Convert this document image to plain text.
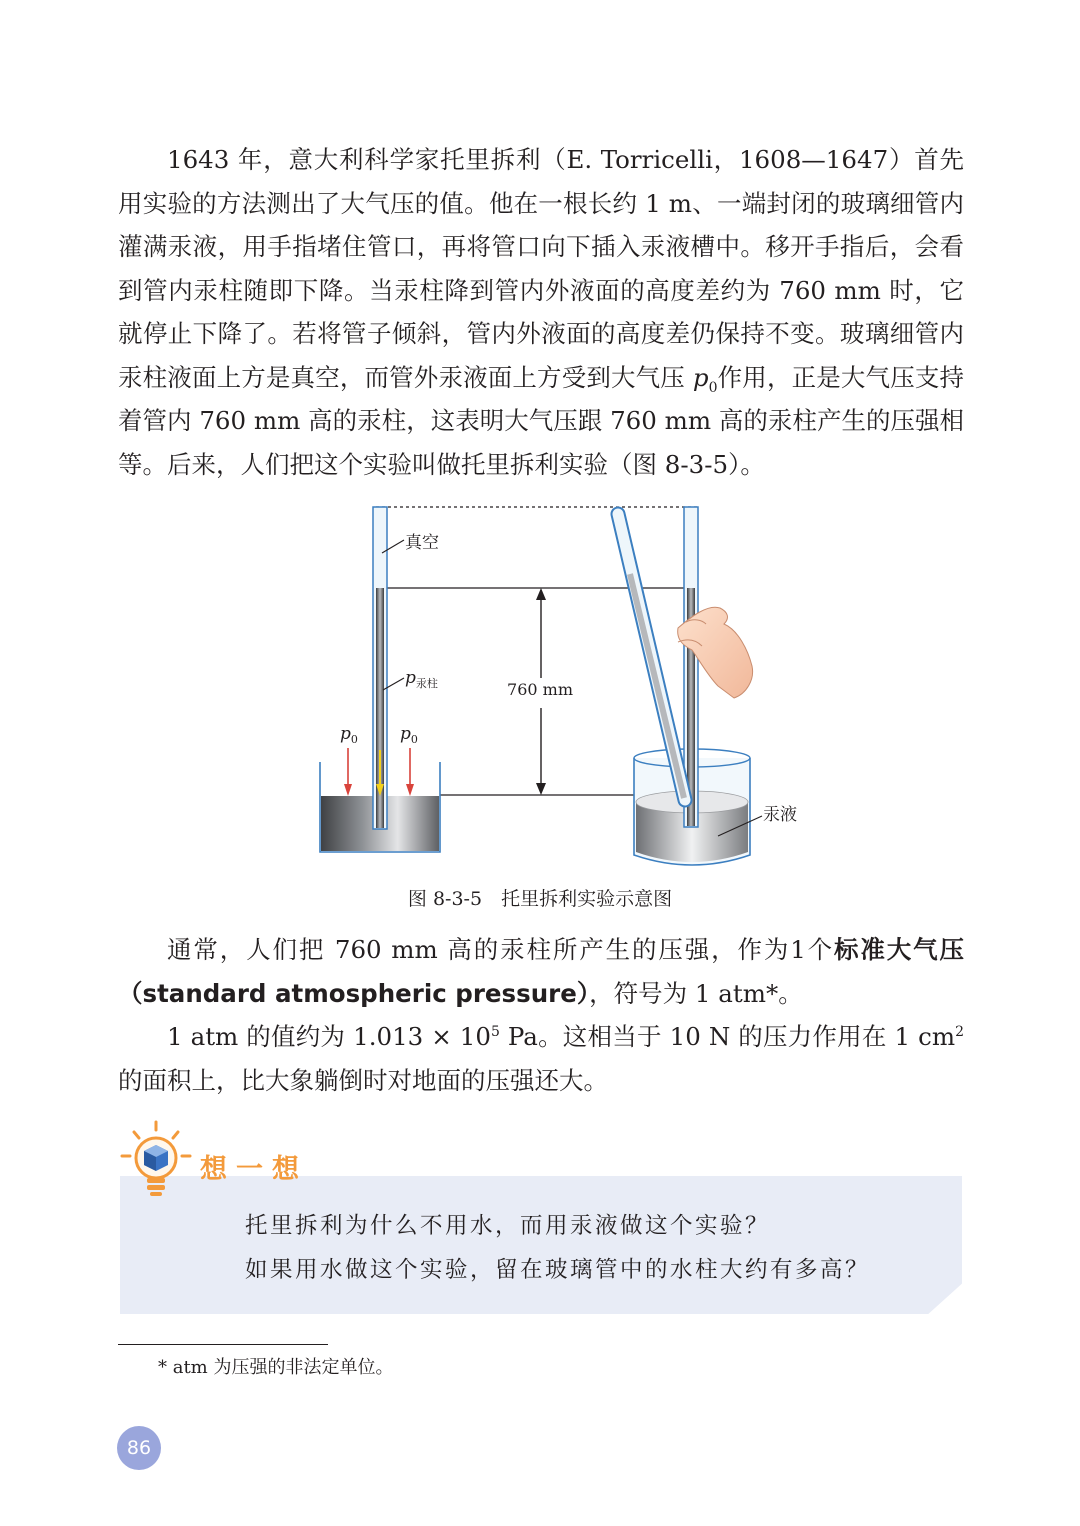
1643 年，意大利科学家托里拆利（E. Torricelli，1608—1647）首先用实验的方法测出了大气压的值。他在一根长约 1 m、一端封闭的玻璃细管内灌满汞液，用手指堵住管口，再将管口向下插入汞液槽中。移开手指后，会看到管内汞柱随即下降。当汞柱降到管内外液面的高度差约为 760 mm 时，它就停止下降了。若将管子倾斜，管内外液面的高度差仍保持不变。玻璃细管内汞柱液面上方是真空，而管外汞液面上方受到大气压 $p_0$作用，正是大气压支持着管内 760 mm 高的汞柱，这表明大气压跟 760 mm 高的汞柱产生的压强相等。后来，人们把这个实验叫做托里拆利实验（图 8-3-5）。

760 mm
$p_0$ $p_0$
真空
$p_{汞柱}$
汞液
图 8-3-5　托里拆利实验示意图

通常，人们把 760 mm 高的汞柱所产生的压强，作为1个标准大气压（standard atmospheric pressure），符号为 1 atm*。

1 atm 的值约为 $1.013 \times 10^5$ Pa。这相当于 10 N 的压力作用在 1 $cm^2$ 的面积上，比大象躺倒时对地面的压强还大。

想一想
托里拆利为什么不用水，而用汞液做这个实验？
如果用水做这个实验，留在玻璃管中的水柱大约有多高？
* atm 为压强的非法定单位。
86
